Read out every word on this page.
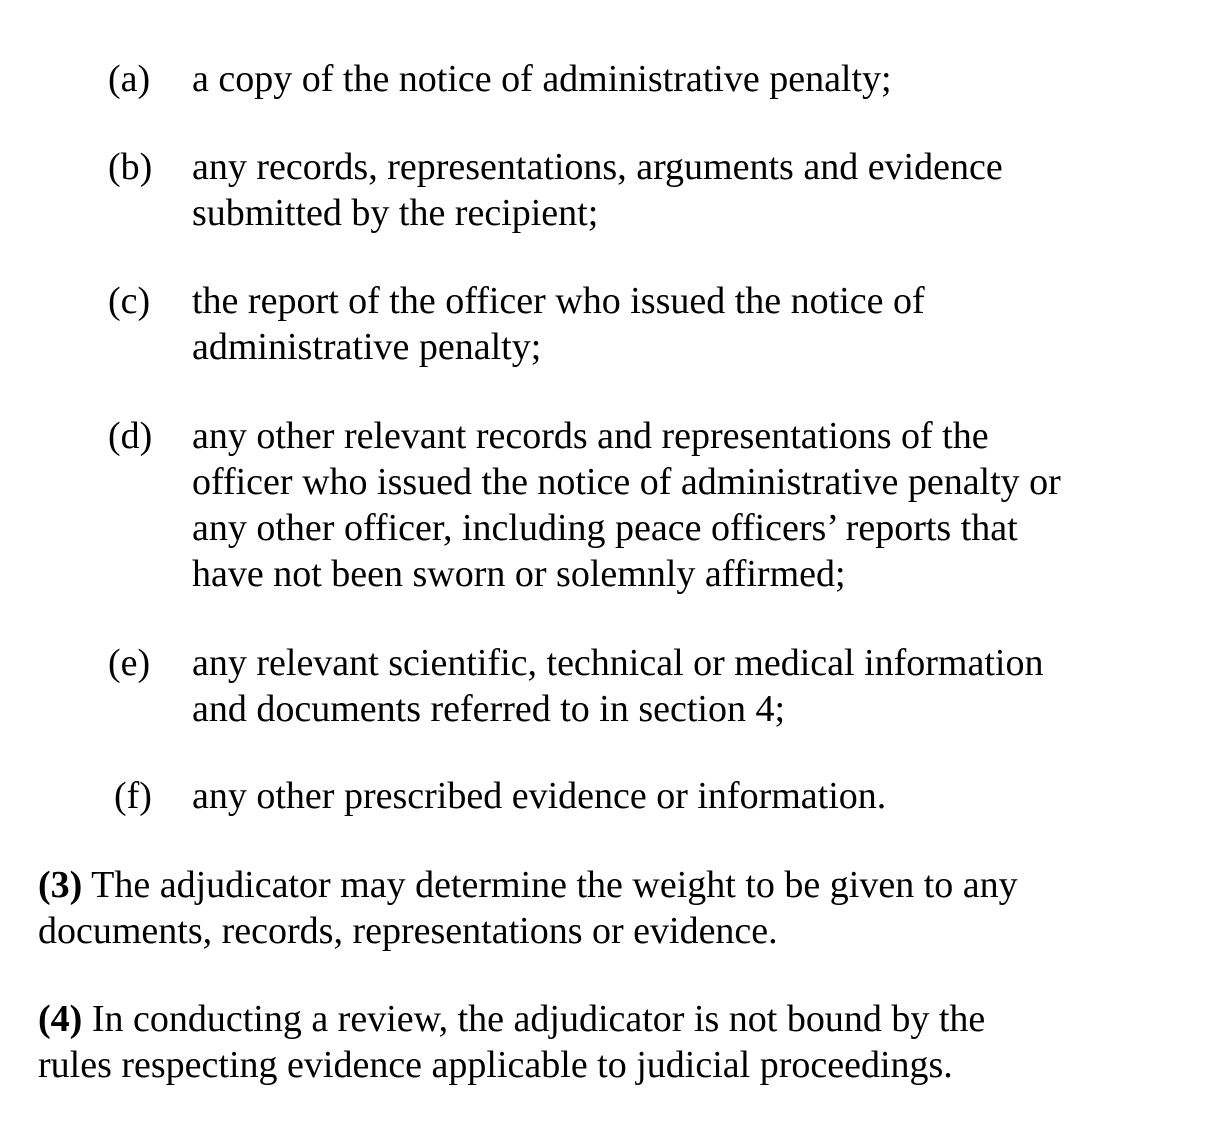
(a)	a copy of the notice of administrative penalty;
(b)	any records, representations, arguments and evidence
submitted by the recipient;
(c)	the report of the officer who issued the notice of
administrative penalty;
(d)	any other relevant records and representations of the
officer who issued the notice of administrative penalty or
any other officer, including peace officers’ reports that
have not been sworn or solemnly affirmed;
(e)	any relevant scientific, technical or medical information
and documents referred to in section 4;
(f)	any other prescribed evidence or information.
(3) The adjudicator may determine the weight to be given to any
documents, records, representations or evidence.
(4) In conducting a review, the adjudicator is not bound by the
rules respecting evidence applicable to judicial proceedings.
